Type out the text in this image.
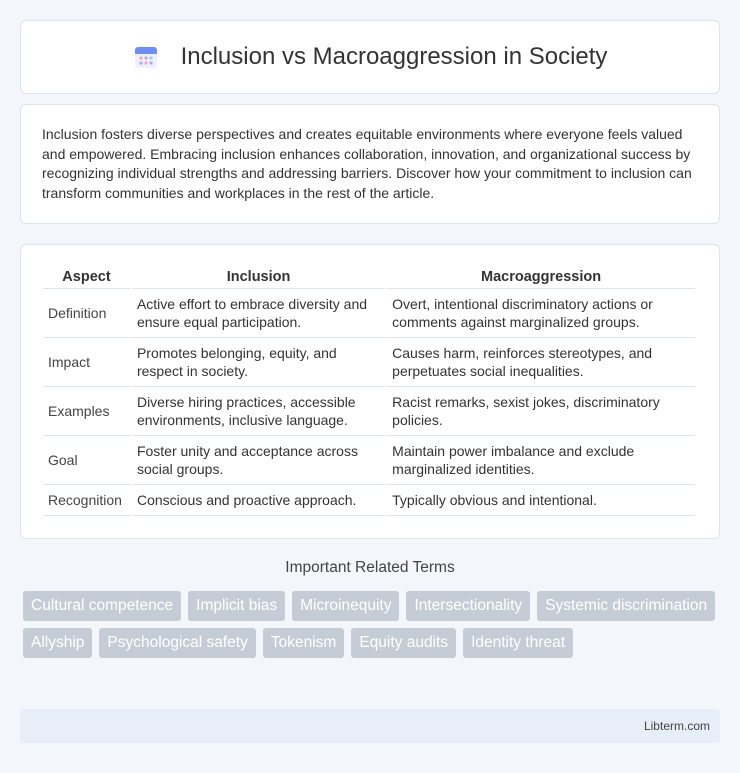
Inclusion vs Macroaggression in Society

Inclusion fosters diverse perspectives and creates equitable environments where everyone feels valued and empowered. Embracing inclusion enhances collaboration, innovation, and organizational success by recognizing individual strengths and addressing barriers. Discover how your commitment to inclusion can transform communities and workplaces in the rest of the article.

Aspect	Inclusion	Macroaggression
Definition	Active effort to embrace diversity and ensure equal participation.	Overt, intentional discriminatory actions or comments against marginalized groups.
Impact	Promotes belonging, equity, and respect in society.	Causes harm, reinforces stereotypes, and perpetuates social inequalities.
Examples	Diverse hiring practices, accessible environments, inclusive language.	Racist remarks, sexist jokes, discriminatory policies.
Goal	Foster unity and acceptance across social groups.	Maintain power imbalance and exclude marginalized identities.
Recognition	Conscious and proactive approach.	Typically obvious and intentional.
Important Related Terms
Cultural competence	Implicit bias	Microinequity	Intersectionality	Systemic discrimination
Allyship	Psychological safety	Tokenism	Equity audits	Identity threat
Libterm.com
